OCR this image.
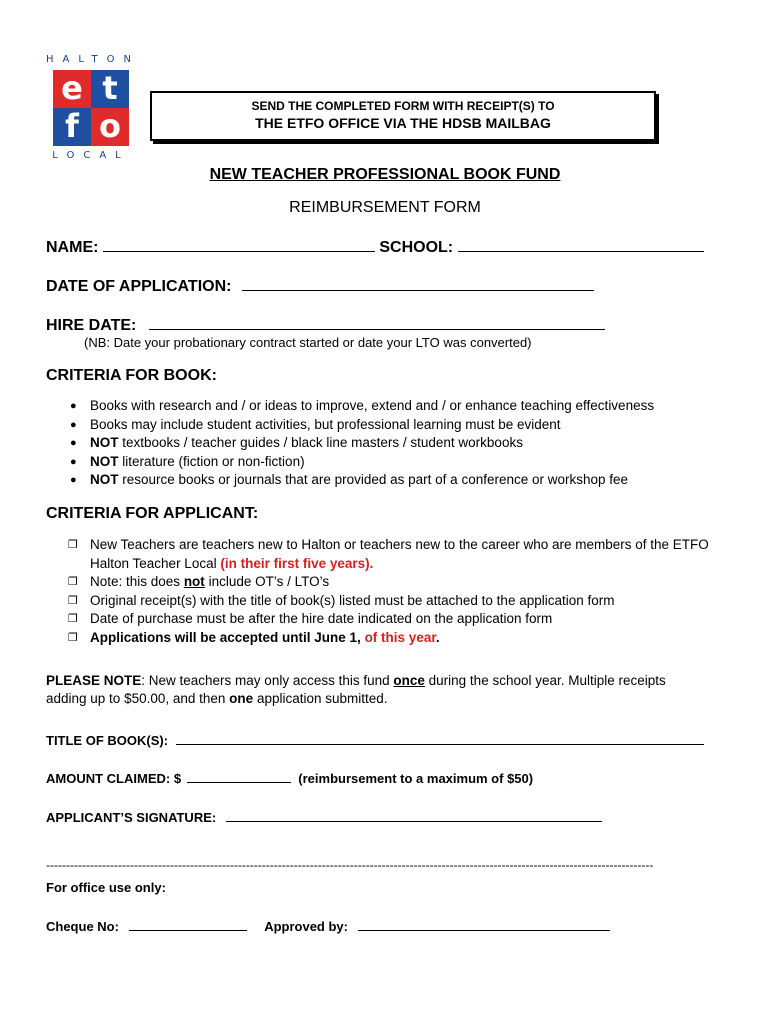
HALTON
e t
f o
LOCAL
SEND THE COMPLETED FORM WITH RECEIPT(S) TO
THE ETFO OFFICE VIA THE HDSB MAILBAG
NEW TEACHER PROFESSIONAL BOOK FUND
REIMBURSEMENT FORM
NAME:	SCHOOL:
DATE OF APPLICATION:
HIRE DATE:
(NB: Date your probationary contract started or date your LTO was converted)
CRITERIA FOR BOOK:
● Books with research and / or ideas to improve, extend and / or enhance teaching effectiveness
● Books may include student activities, but professional learning must be evident
● NOT textbooks / teacher guides / black line masters / student workbooks
● NOT literature (fiction or non-fiction)
● NOT resource books or journals that are provided as part of a conference or workshop fee
CRITERIA FOR APPLICANT:
❐ New Teachers are teachers new to Halton or teachers new to the career who are members of the ETFO Halton Teacher Local (in their first five years).
❐ Note: this does not include OT’s / LTO’s
❐ Original receipt(s) with the title of book(s) listed must be attached to the application form
❐ Date of purchase must be after the hire date indicated on the application form
❐ Applications will be accepted until June 1, of this year.
PLEASE NOTE: New teachers may only access this fund once during the school year. Multiple receipts adding up to $50.00, and then one application submitted.
TITLE OF BOOK(S):
AMOUNT CLAIMED: $	(reimbursement to a maximum of $50)
APPLICANT’S SIGNATURE:
--------------------------------------------------------------------------------------------------------------------------------------------------------
For office use only:
Cheque No:	Approved by:
